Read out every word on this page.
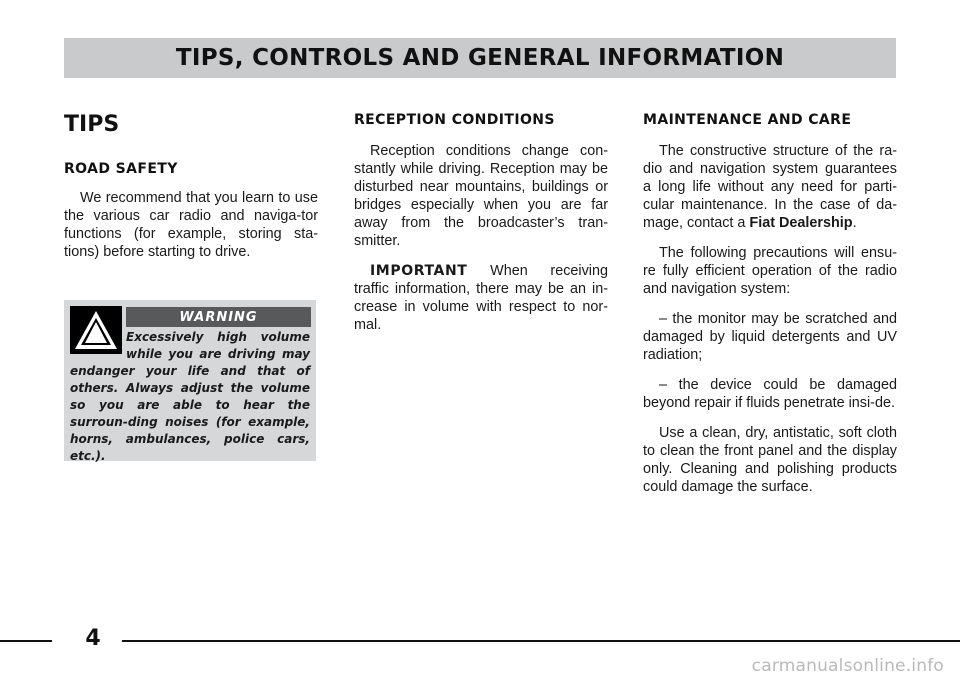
TIPS, CONTROLS AND GENERAL INFORMATION
TIPS
ROAD SAFETY

We recommend that you learn to use the various car radio and naviga-tor functions (for example, storing sta-tions) before starting to drive.

WARNING

Excessively high volume while you are driving may endanger your life and that of others. Always adjust the volume so you are able to hear the surroun-ding noises (for example, horns, ambulances, police cars, etc.).

RECEPTION CONDITIONS

Reception conditions change con-stantly while driving. Reception may be disturbed near mountains, buildings or bridges especially when you are far away from the broadcaster’s tran-smitter.

IMPORTANT When receiving traffic information, there may be an in-crease in volume with respect to nor-mal.

MAINTENANCE AND CARE

The constructive structure of the ra-dio and navigation system guarantees a long life without any need for parti-cular maintenance. In the case of da-mage, contact a Fiat Dealership.

The following precautions will ensu-re fully efficient operation of the radio and navigation system:

– the monitor may be scratched and damaged by liquid detergents and UV radiation;

– the device could be damaged beyond repair if fluids penetrate insi-de.

Use a clean, dry, antistatic, soft cloth to clean the front panel and the display only. Cleaning and polishing products could damage the surface.

4
carmanualsonline.info
